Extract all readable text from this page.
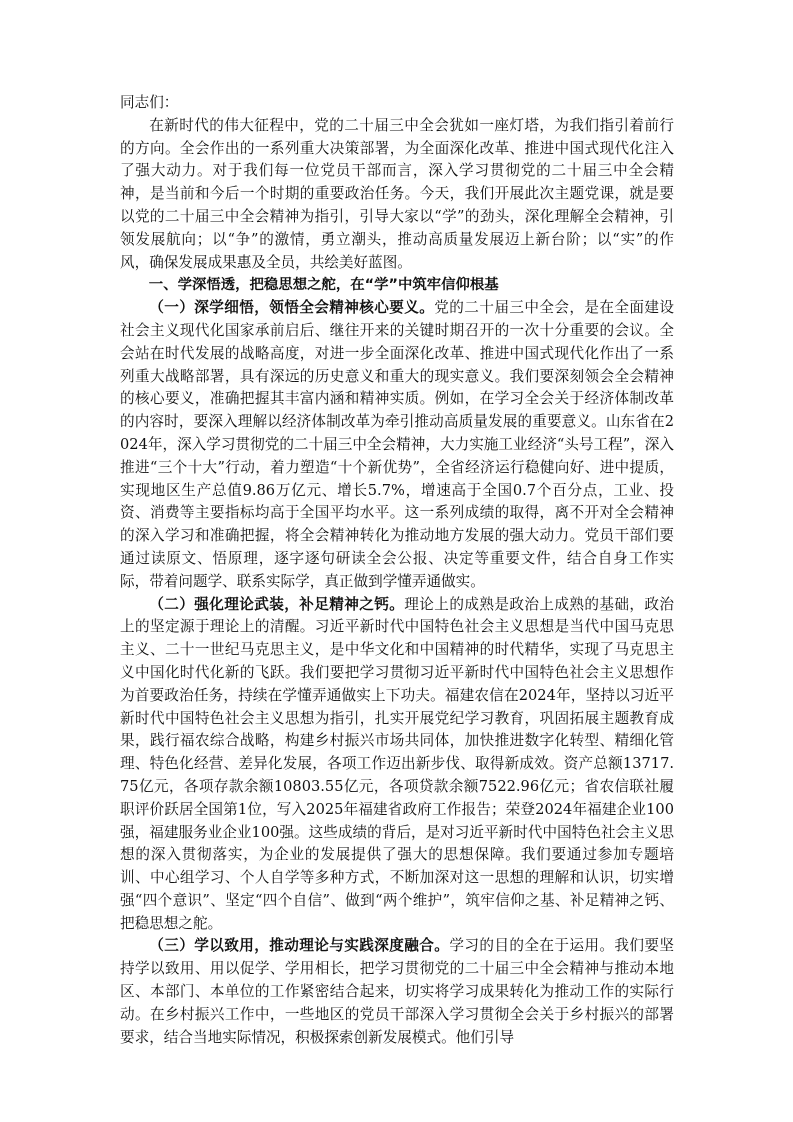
同志们：

在新时代的伟大征程中，党的二十届三中全会犹如一座灯塔，为我们指引着前行的方向。全会作出的一系列重大决策部署，为全面深化改革、推进中国式现代化注入了强大动力。对于我们每一位党员干部而言，深入学习贯彻党的二十届三中全会精神，是当前和今后一个时期的重要政治任务。今天，我们开展此次主题党课，就是要以党的二十届三中全会精神为指引，引导大家以“学”的劲头，深化理解全会精神，引领发展航向；以“争”的激情，勇立潮头，推动高质量发展迈上新台阶；以“实”的作风，确保发展成果惠及全员，共绘美好蓝图。

一、学深悟透，把稳思想之舵，在“学”中筑牢信仰根基

（一）深学细悟，领悟全会精神核心要义。党的二十届三中全会，是在全面建设社会主义现代化国家承前启后、继往开来的关键时期召开的一次十分重要的会议。全会站在时代发展的战略高度，对进一步全面深化改革、推进中国式现代化作出了一系列重大战略部署，具有深远的历史意义和重大的现实意义。我们要深刻领会全会精神的核心要义，准确把握其丰富内涵和精神实质。例如，在学习全会关于经济体制改革的内容时，要深入理解以经济体制改革为牵引推动高质量发展的重要意义。山东省在2024年，深入学习贯彻党的二十届三中全会精神，大力实施工业经济“头号工程”，深入推进“三个十大”行动，着力塑造“十个新优势”，全省经济运行稳健向好、进中提质，实现地区生产总值9.86万亿元、增长5.7%，增速高于全国0.7个百分点，工业、投资、消费等主要指标均高于全国平均水平。这一系列成绩的取得，离不开对全会精神的深入学习和准确把握，将全会精神转化为推动地方发展的强大动力。党员干部们要通过读原文、悟原理，逐字逐句研读全会公报、决定等重要文件，结合自身工作实际，带着问题学、联系实际学，真正做到学懂弄通做实。

（二）强化理论武装，补足精神之钙。理论上的成熟是政治上成熟的基础，政治上的坚定源于理论上的清醒。习近平新时代中国特色社会主义思想是当代中国马克思主义、二十一世纪马克思主义，是中华文化和中国精神的时代精华，实现了马克思主义中国化时代化新的飞跃。我们要把学习贯彻习近平新时代中国特色社会主义思想作为首要政治任务，持续在学懂弄通做实上下功夫。福建农信在2024年，坚持以习近平新时代中国特色社会主义思想为指引，扎实开展党纪学习教育，巩固拓展主题教育成果，践行福农综合战略，构建乡村振兴市场共同体，加快推进数字化转型、精细化管理、特色化经营、差异化发展，各项工作迈出新步伐、取得新成效。资产总额13717.75亿元，各项存款余额10803.55亿元，各项贷款余额7522.96亿元；省农信联社履职评价跃居全国第1位，写入2025年福建省政府工作报告；荣登2024年福建企业100强，福建服务业企业100强。这些成绩的背后，是对习近平新时代中国特色社会主义思想的深入贯彻落实，为企业的发展提供了强大的思想保障。我们要通过参加专题培训、中心组学习、个人自学等多种方式，不断加深对这一思想的理解和认识，切实增强“四个意识”、坚定“四个自信”、做到“两个维护”，筑牢信仰之基、补足精神之钙、把稳思想之舵。

（三）学以致用，推动理论与实践深度融合。学习的目的全在于运用。我们要坚持学以致用、用以促学、学用相长，把学习贯彻党的二十届三中全会精神与推动本地区、本部门、本单位的工作紧密结合起来，切实将学习成果转化为推动工作的实际行动。在乡村振兴工作中，一些地区的党员干部深入学习贯彻全会关于乡村振兴的部署要求，结合当地实际情况，积极探索创新发展模式。他们引导
